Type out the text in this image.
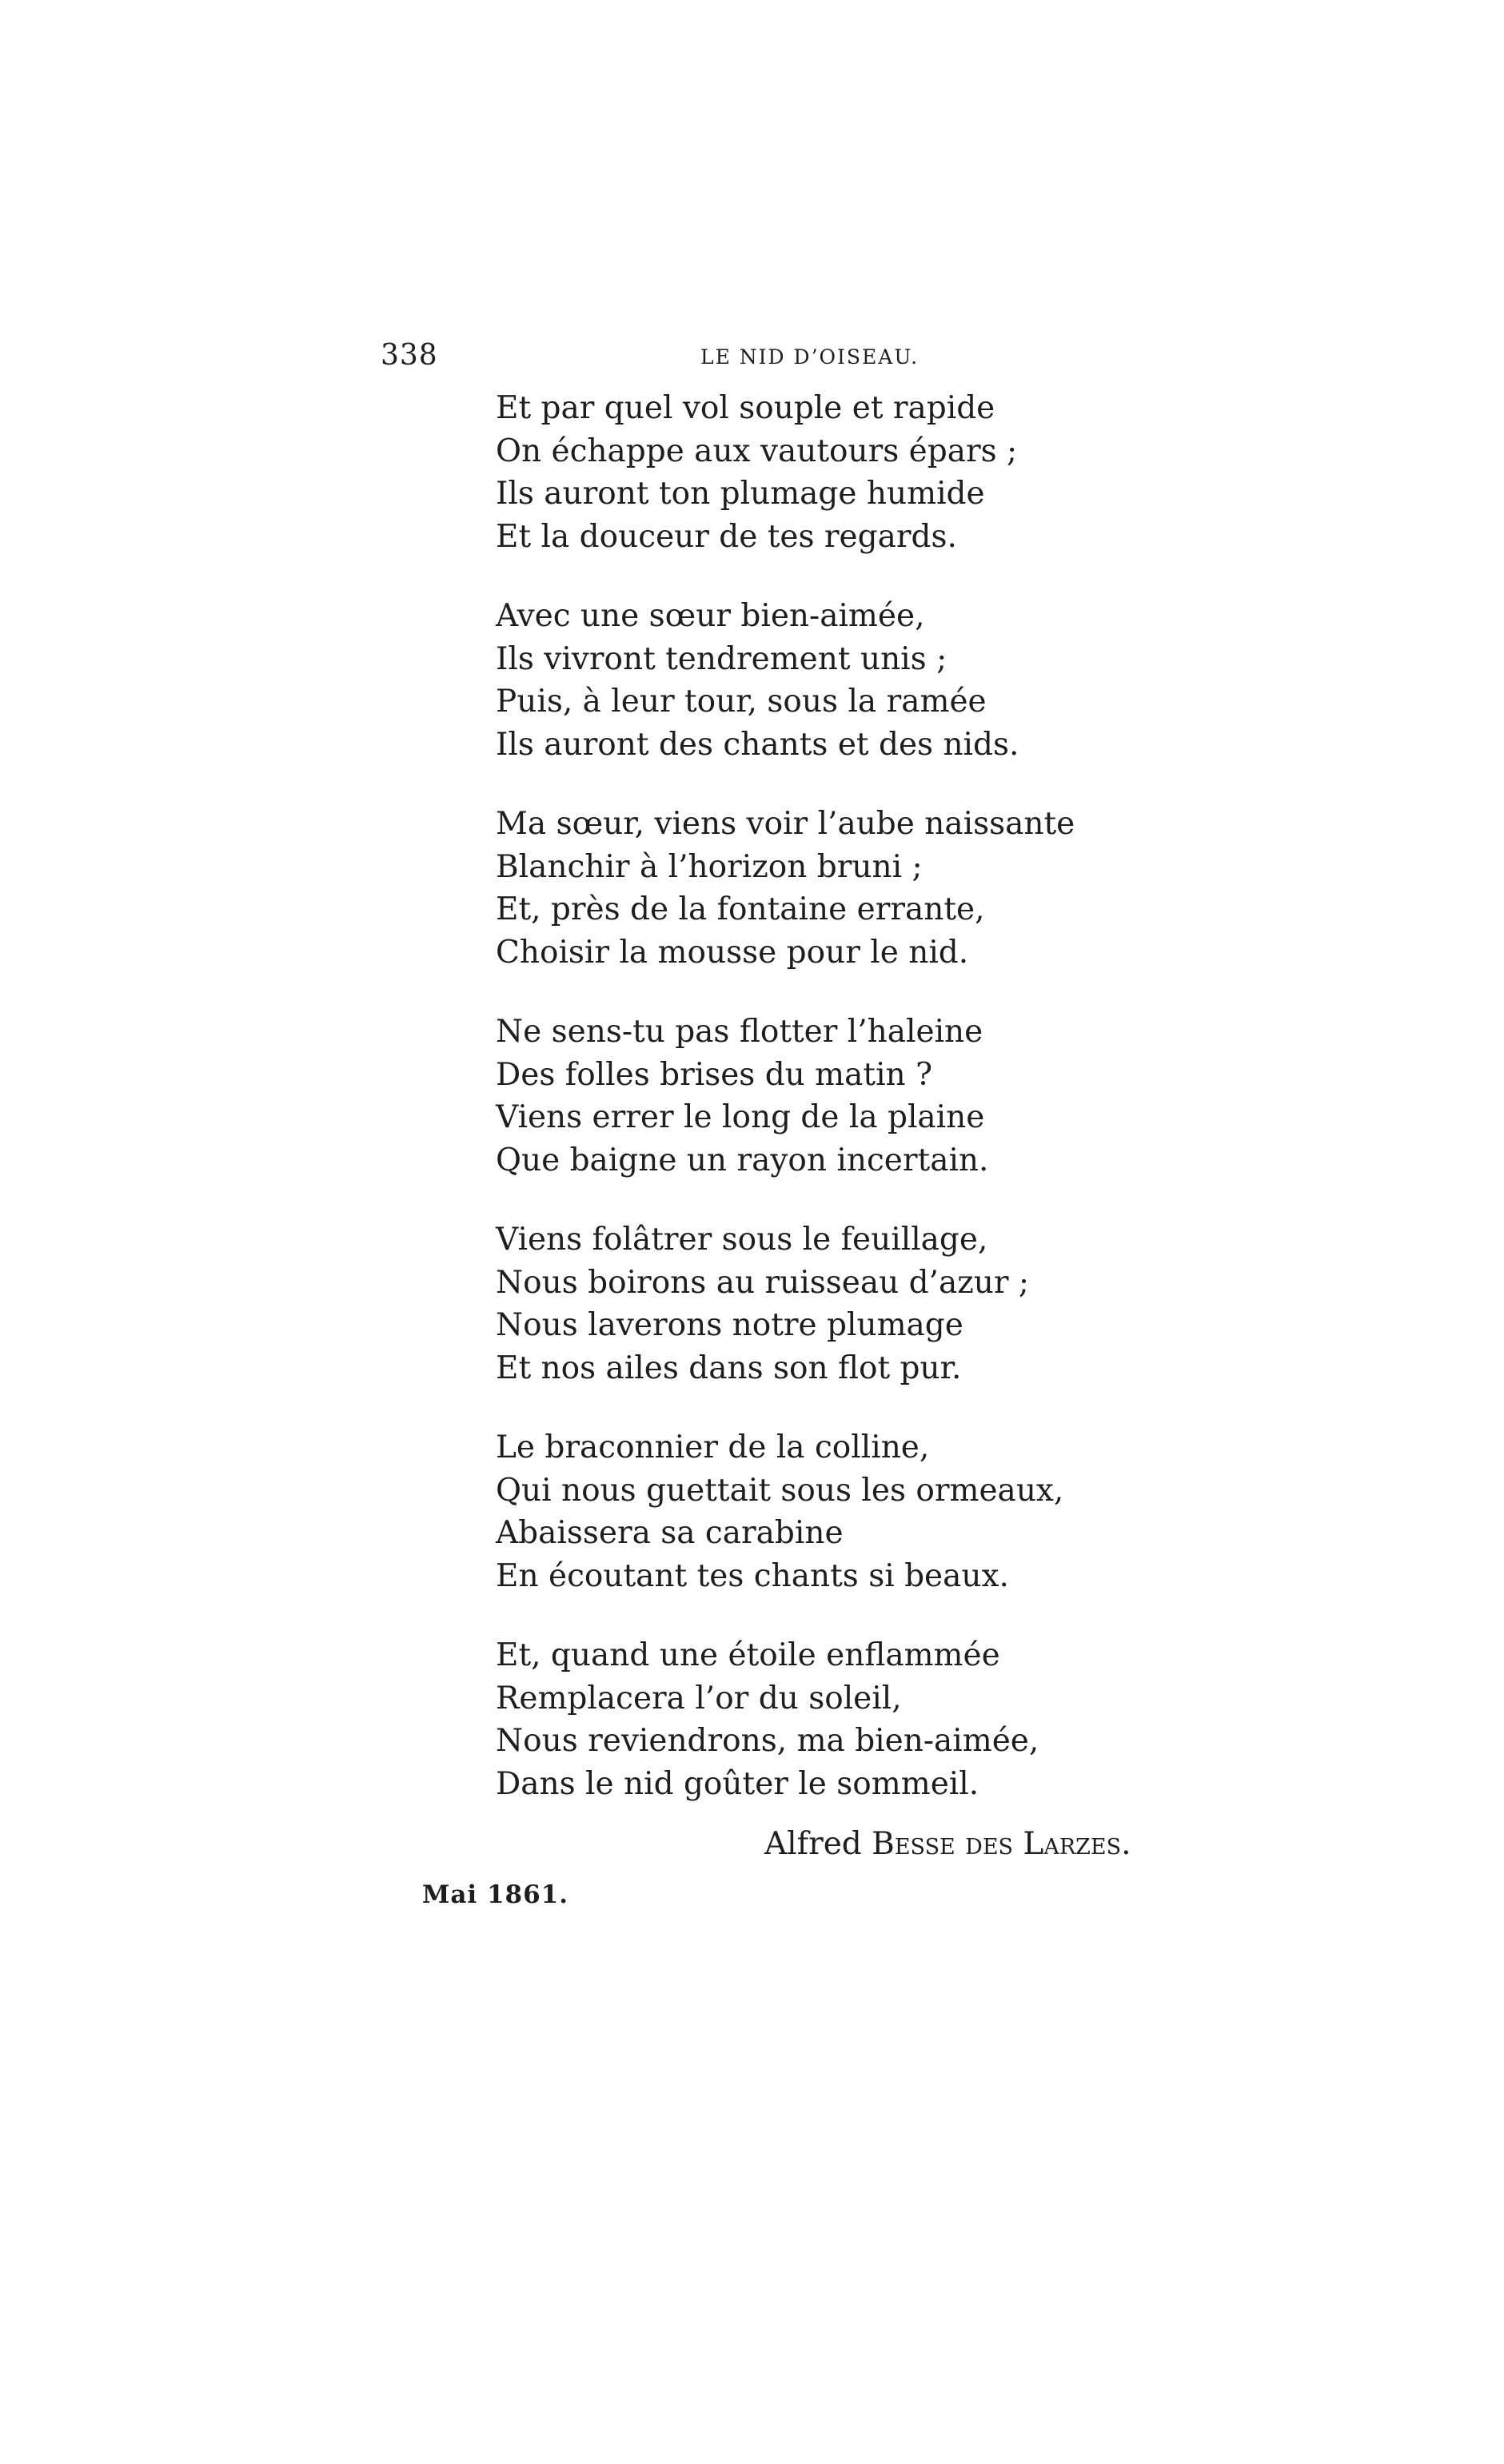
338	LE NID D’OISEAU.
Et par quel vol souple et rapide
On échappe aux vautours épars ;
Ils auront ton plumage humide
Et la douceur de tes regards.
Avec une sœur bien-aimée,
Ils vivront tendrement unis ;
Puis, à leur tour, sous la ramée
Ils auront des chants et des nids.
Ma sœur, viens voir l’aube naissante
Blanchir à l’horizon bruni ;
Et, près de la fontaine errante,
Choisir la mousse pour le nid.
Ne sens-tu pas flotter l’haleine
Des folles brises du matin ?
Viens errer le long de la plaine
Que baigne un rayon incertain.
Viens folâtrer sous le feuillage,
Nous boirons au ruisseau d’azur ;
Nous laverons notre plumage
Et nos ailes dans son flot pur.
Le braconnier de la colline,
Qui nous guettait sous les ormeaux,
Abaissera sa carabine
En écoutant tes chants si beaux.
Et, quand une étoile enflammée
Remplacera l’or du soleil,
Nous reviendrons, ma bien-aimée,
Dans le nid goûter le sommeil.
Alfred Besse des Larzes.
Mai 1861.
